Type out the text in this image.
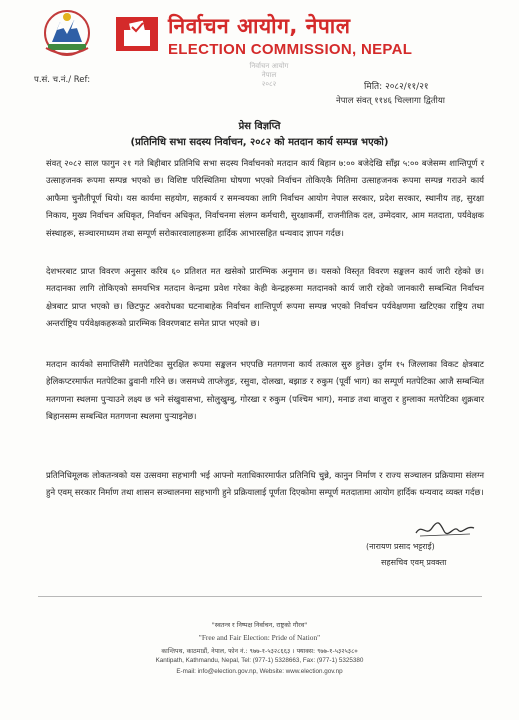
निर्वाचन आयोग, नेपाल
ELECTION COMMISSION, NEPAL
प.सं. च.नं./ Ref:
निर्वाचन आयोग
नेपाल
२०८२	मिति: २०८२/११/२१
नेपाल संवत् ११४६ चिल्लागा द्वितीया
प्रेस विज्ञप्ति
(प्रतिनिधि सभा सदस्य निर्वाचन, २०८२ को मतदान कार्य सम्पन्न भएको)

संवत् २०८२ साल फागुन २१ गते बिहीबार प्रतिनिधि सभा सदस्य निर्वाचनको मतदान कार्य बिहान ७:०० बजेदेखि साँझ ५:०० बजेसम्म शान्तिपूर्ण र उत्साहजनक रूपमा सम्पन्न भएको छ। विशिष्ट परिस्थितिमा घोषणा भएको निर्वाचन तोकिएकै मितिमा उत्साहजनक रूपमा सम्पन्न गराउने कार्य आफैमा चुनौतीपूर्ण थियो। यस कार्यमा सहयोग, सहकार्य र समन्वयका लागि निर्वाचन आयोग नेपाल सरकार, प्रदेश सरकार, स्थानीय तह, सुरक्षा निकाय, मुख्य निर्वाचन अधिकृत, निर्वाचन अधिकृत, निर्वाचनमा संलग्न कर्मचारी, सुरक्षाकर्मी, राजनीतिक दल, उम्मेदवार, आम मतदाता, पर्यवेक्षक संस्थाहरू, सञ्चारमाध्यम तथा सम्पूर्ण सरोकारवालाहरूमा हार्दिक आभारसहित धन्यवाद ज्ञापन गर्दछ।

देशभरबाट प्राप्त विवरण अनुसार करिब ६० प्रतिशत मत खसेको प्रारम्भिक अनुमान छ। यसको विस्तृत विवरण सङ्कलन कार्य जारी रहेको छ। मतदानका लागि तोकिएको समयभित्र मतदान केन्द्रमा प्रवेश गरेका केही केन्द्रहरूमा मतदानको कार्य जारी रहेको जानकारी सम्बन्धित निर्वाचन क्षेत्रबाट प्राप्त भएको छ। छिटफुट अवरोधका घटनाबाहेक निर्वाचन शान्तिपूर्ण रूपमा सम्पन्न भएको निर्वाचन पर्यवेक्षणमा खटिएका राष्ट्रिय तथा अन्तर्राष्ट्रिय पर्यवेक्षकहरूको प्रारम्भिक विवरणबाट समेत प्राप्त भएको छ।

मतदान कार्यको समाप्तिसँगै मतपेटिका सुरक्षित रूपमा सङ्कलन भएपछि मतगणना कार्य तत्काल सुरु हुनेछ। दुर्गम १५ जिल्लाका विकट क्षेत्रबाट हेलिकप्टरमार्फत मतपेटिका ढुवानी गरिने छ। जसमध्ये ताप्लेजुङ, रसुवा, दोलखा, बझाङ र रुकुम (पूर्वी भाग) का सम्पूर्ण मतपेटिका आजै सम्बन्धित मतगणना स्थलमा पुऱ्याउने लक्ष्य छ भने संखुवासभा, सोलुखुम्बु, गोरखा र रुकुम (पश्चिम भाग), मनाङ तथा बाजुरा र हुम्लाका मतपेटिका शुक्रबार बिहानसम्म सम्बन्धित मतगणना स्थलमा पुऱ्याइनेछ।

प्रतिनिधिमूलक लोकतन्त्रको यस उत्सवमा सहभागी भई आफ्नो मताधिकारमार्फत प्रतिनिधि चुन्ने, कानुन निर्माण र राज्य सञ्चालन प्रक्रियामा संलग्न हुने एवम् सरकार निर्माण तथा शासन सञ्चालनमा सहभागी हुने प्रक्रियालाई पूर्णता दिएकोमा सम्पूर्ण मतदातामा आयोग हार्दिक धन्यवाद व्यक्त गर्दछ।

(नारायण प्रसाद भट्टराई)
सहसचिव एवम् प्रवक्ता
"स्वतन्त्र र निष्पक्ष निर्वाचन, राष्ट्रको गौरव"
"Free and Fair Election: Pride of Nation"
कान्तिपथ, काठमाडौं, नेपाल, फोन नं.: ९७७-१-५३२८६६३ । फ्याक्स: ९७७-१-५३२५३८०
Kantipath, Kathmandu, Nepal, Tel: (977-1) 5328663, Fax: (977-1) 5325380
E-mail: info@election.gov.np, Website: www.election.gov.np
